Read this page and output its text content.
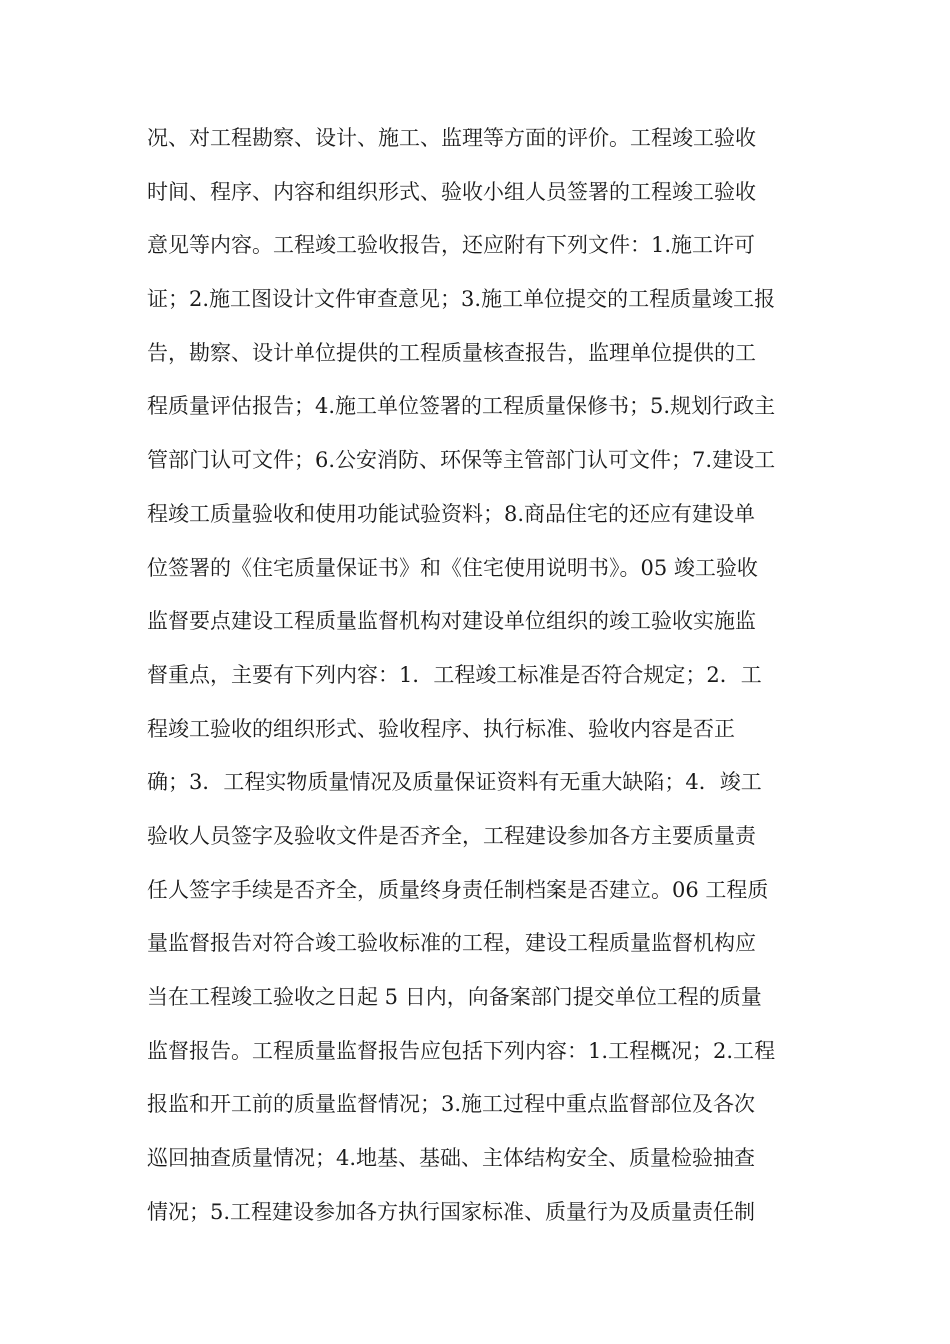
况、对工程勘察、设计、施工、监理等方面的评价。工程竣工验收
时间、程序、内容和组织形式、验收小组人员签署的工程竣工验收
意见等内容。工程竣工验收报告，还应附有下列文件：1.施工许可
证；2.施工图设计文件审查意见；3.施工单位提交的工程质量竣工报
告，勘察、设计单位提供的工程质量核查报告，监理单位提供的工
程质量评估报告；4.施工单位签署的工程质量保修书；5.规划行政主
管部门认可文件；6.公安消防、环保等主管部门认可文件；7.建设工
程竣工质量验收和使用功能试验资料；8.商品住宅的还应有建设单
位签署的《住宅质量保证书》和《住宅使用说明书》。05 竣工验收
监督要点建设工程质量监督机构对建设单位组织的竣工验收实施监
督重点，主要有下列内容：1．工程竣工标准是否符合规定；2．工
程竣工验收的组织形式、验收程序、执行标准、验收内容是否正
确；3．工程实物质量情况及质量保证资料有无重大缺陷；4．竣工
验收人员签字及验收文件是否齐全，工程建设参加各方主要质量责
任人签字手续是否齐全，质量终身责任制档案是否建立。06 工程质
量监督报告对符合竣工验收标准的工程，建设工程质量监督机构应
当在工程竣工验收之日起 5 日内，向备案部门提交单位工程的质量
监督报告。工程质量监督报告应包括下列内容：1.工程概况；2.工程
报监和开工前的质量监督情况；3.施工过程中重点监督部位及各次
巡回抽查质量情况；4.地基、基础、主体结构安全、质量检验抽查
情况；5.工程建设参加各方执行国家标准、质量行为及质量责任制
